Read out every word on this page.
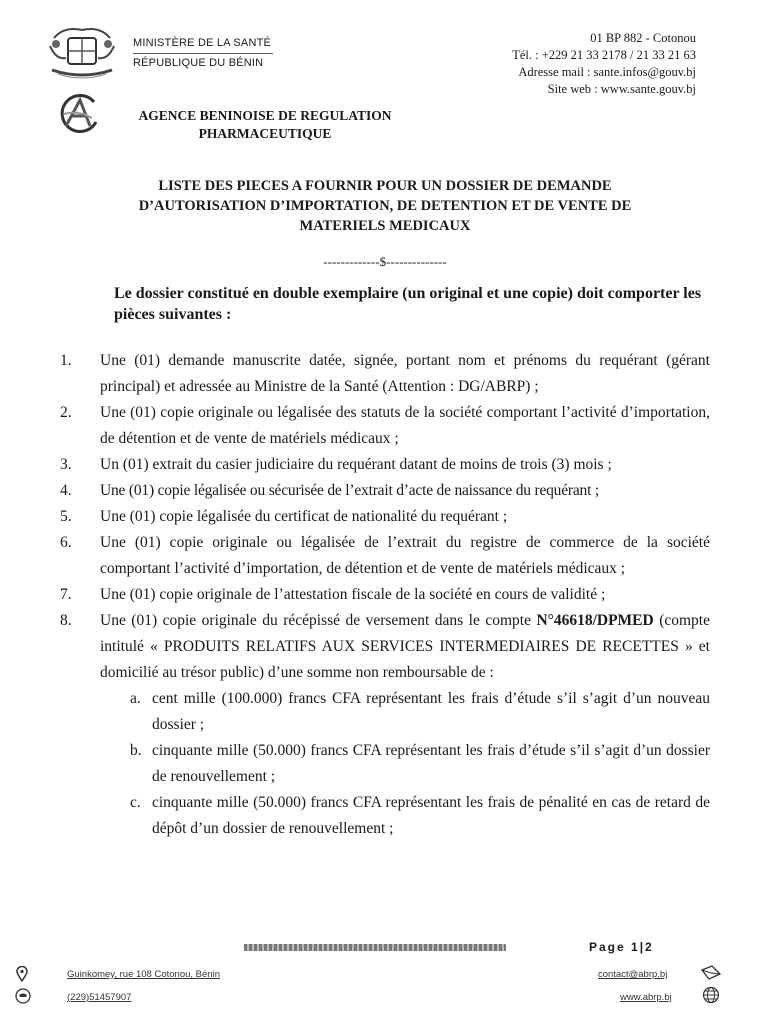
MINISTÈRE DE LA SANTÉ
RÉPUBLIQUE DU BÉNIN
01 BP 882 - Cotonou
Tél. : +229 21 33 2178 / 21 33 21 63
Adresse mail : sante.infos@gouv.bj
Site web : www.sante.gouv.bj
AGENCE BENINOISE DE REGULATION
PHARMACEUTIQUE
LISTE DES PIECES A FOURNIR POUR UN DOSSIER DE DEMANDE
D’AUTORISATION D’IMPORTATION, DE DETENTION ET DE VENTE DE
MATERIELS MEDICAUX
-------------$--------------
Le dossier constitué en double exemplaire (un original et une copie) doit comporter les pièces suivantes :
1.	Une (01) demande manuscrite datée, signée, portant nom et prénoms du requérant (gérant principal) et adressée au Ministre de la Santé (Attention : DG/ABRP) ;
2.	Une (01) copie originale ou légalisée des statuts de la société comportant l’activité d’importation, de détention et de vente de matériels médicaux ;
3.	Un (01) extrait du casier judiciaire du requérant datant de moins de trois (3) mois ;
4.	Une (01) copie légalisée ou sécurisée de l’extrait d’acte de naissance du requérant ;
5.	Une (01) copie légalisée du certificat de nationalité du requérant ;
6.	Une (01) copie originale ou légalisée de l’extrait du registre de commerce de la société comportant l’activité d’importation, de détention et de vente de matériels médicaux ;
7.	Une (01) copie originale de l’attestation fiscale de la société en cours de validité ;
8.	Une (01) copie originale du récépissé de versement dans le compte N°46618/DPMED (compte intitulé « PRODUITS RELATIFS AUX SERVICES INTERMEDIAIRES DE RECETTES » et domicilié au trésor public) d’une somme non remboursable de :
a. cent mille (100.000) francs CFA représentant les frais d’étude s’il s’agit d’un nouveau dossier ;
b. cinquante mille (50.000) francs CFA représentant les frais d’étude s’il s’agit d’un dossier de renouvellement ;
c. cinquante mille (50.000) francs CFA représentant les frais de pénalité en cas de retard de dépôt d’un dossier de renouvellement ;
Page 1|2
Guinkomey, rue 108 Cotonou, Bénin
(229)51457907
contact@abrp.bj
www.abrp.bj
